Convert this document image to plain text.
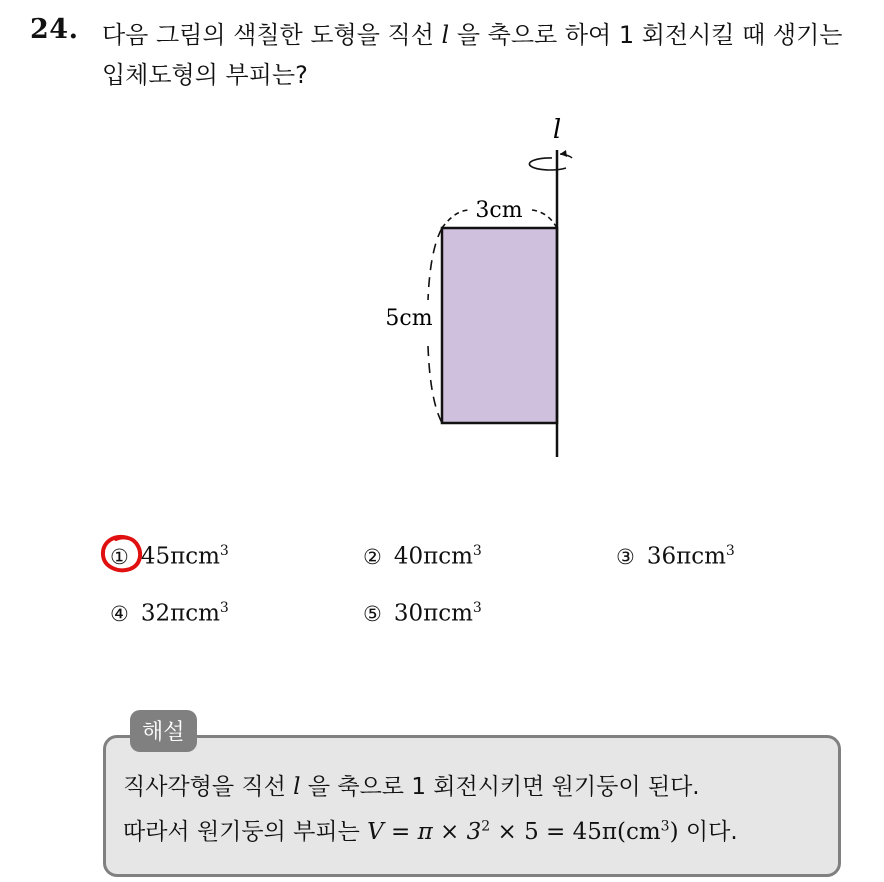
24. 다음 그림의 색칠한 도형을 직선 l 을 축으로 하여 1 회전시킬 때 생기는
입체도형의 부피는?
l
3cm
5cm
① 45πcm$^3$	② 40πcm$^3$	③ 36πcm$^3$
④ 32πcm$^3$	⑤ 30πcm$^3$
해설
직사각형을 직선 l 을 축으로 1 회전시키면 원기둥이 된다.
따라서 원기둥의 부피는 $V = \pi \times 3^2 \times 5 = 45\pi(cm^3)$ 이다.
